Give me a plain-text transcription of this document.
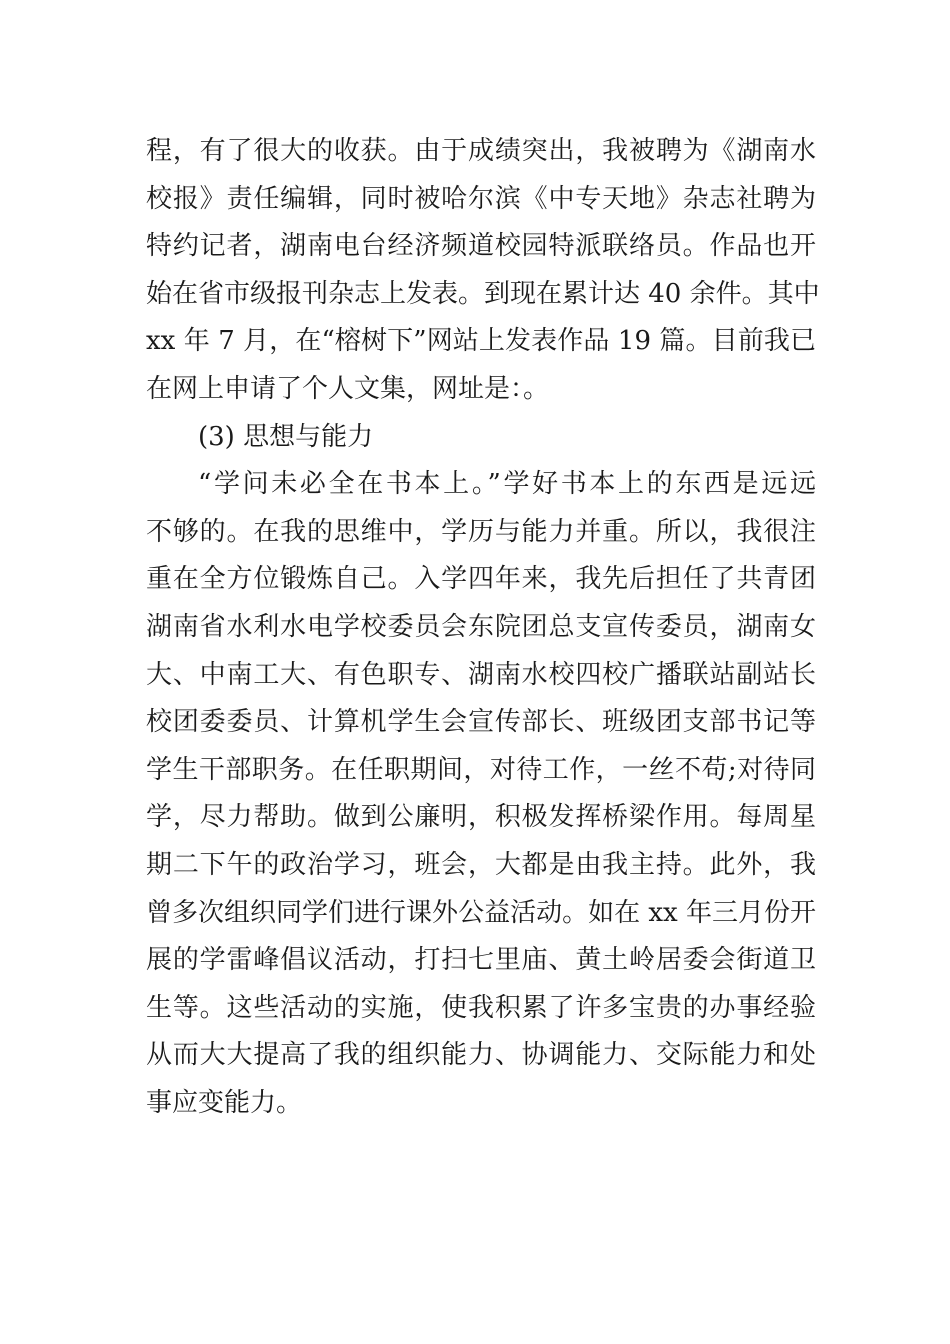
程，有了很大的收获。由于成绩突出，我被聘为《湖南水
校报》责任编辑，同时被哈尔滨《中专天地》杂志社聘为
特约记者，湖南电台经济频道校园特派联络员。作品也开
始在省市级报刊杂志上发表。到现在累计达 40 余件。其中
xx 年 7 月，在“榕树下”网站上发表作品 19 篇。目前我已
在网上申请了个人文集，网址是：。
(3) 思想与能力
“学问未必全在书本上。”学好书本上的东西是远远
不够的。在我的思维中，学历与能力并重。所以，我很注
重在全方位锻炼自己。入学四年来，我先后担任了共青团
湖南省水利水电学校委员会东院团总支宣传委员，湖南女
大、中南工大、有色职专、湖南水校四校广播联站副站长
校团委委员、计算机学生会宣传部长、班级团支部书记等
学生干部职务。在任职期间，对待工作，一丝不苟;对待同
学，尽力帮助。做到公廉明，积极发挥桥梁作用。每周星
期二下午的政治学习，班会，大都是由我主持。此外，我
曾多次组织同学们进行课外公益活动。如在 xx 年三月份开
展的学雷峰倡议活动，打扫七里庙、黄土岭居委会街道卫
生等。这些活动的实施，使我积累了许多宝贵的办事经验
从而大大提高了我的组织能力、协调能力、交际能力和处
事应变能力。
